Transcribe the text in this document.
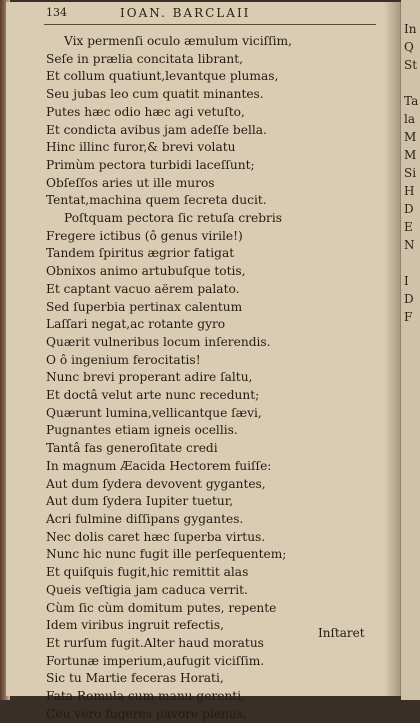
134	IOAN. BARCLAII
Vix permenſi oculo æmulum viciſſim,
Seſe in prælia concitata librant,
Et collum quatiunt,levantque plumas,
Seu jubas leo cum quatit minantes.
Putes hæc odio hæc agi vetuſto,
Et condicta avibus jam adeſſe bella.
Hinc illinc furor,& brevi volatu
Primùm pectora turbidi laceſſunt;
Obſeſſos aries ut ille muros
Tentat,machina quem ſecreta ducit.
Poſtquam pectora ſic retuſa crebris
Fregere ictibus (ô genus virile!)
Tandem ſpiritus ægrior fatigat
Obnixos animo artubuſque totis,
Et captant vacuo aërem palato.
Sed ſuperbia pertinax calentum
Laſſari negat,ac rotante gyro
Quærit vulneribus locum inſerendis.
O ô ingenium ferocitatis!
Nunc brevi properant adire ſaltu,
Et doctâ velut arte nunc recedunt;
Quærunt lumina,vellicantque ſævi,
Pugnantes etiam igneis ocellis.
Tantâ fas generoſitate credi
In magnum Æacida Hectorem fuiſſe:
Aut dum ſydera devovent gygantes,
Aut dum ſydera Iupiter tuetur,
Acri fulmine diſſipans gygantes.
Nec dolis caret hæc ſuperba virtus.
Nunc hic nunc fugit ille perſequentem;
Et quiſquis fugit,hic remittit alas
Queis veſtigia jam caduca verrit.
Cùm ſic cùm domitum putes, repente
Idem viribus ingruit refectis,
Et rurſum fugit.Alter haud moratus
Fortunæ imperium,aufugit viciſſim.
Sic tu Martie feceras Horati,
Fata Romula cum manu gerenti,
Ceu vero fugeres pavore plenus,
Inſtaret
In
Q
St
Ta
la
M
M
Si
H
D
E
N
I
D
F
